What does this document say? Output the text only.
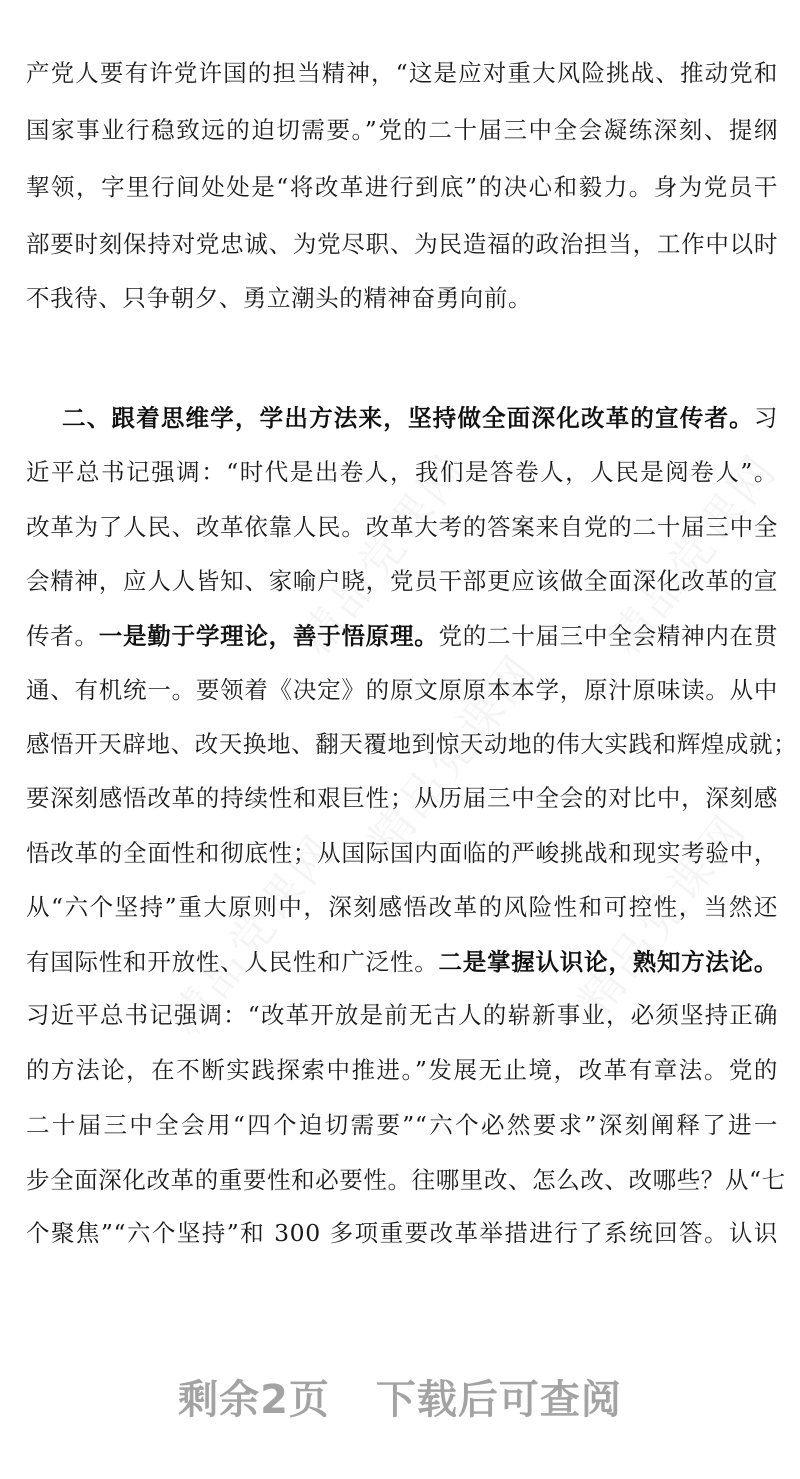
产党人要有许党许国的担当精神，“这是应对重大风险挑战、推动党和
国家事业行稳致远的迫切需要。”党的二十届三中全会凝练深刻、提纲
挈领，字里行间处处是“将改革进行到底”的决心和毅力。身为党员干
部要时刻保持对党忠诚、为党尽职、为民造福的政治担当，工作中以时
不我待、只争朝夕、勇立潮头的精神奋勇向前。
二、跟着思维学，学出方法来，坚持做全面深化改革的宣传者。习
近平总书记强调：“时代是出卷人，我们是答卷人，人民是阅卷人”。
改革为了人民、改革依靠人民。改革大考的答案来自党的二十届三中全
会精神，应人人皆知、家喻户晓，党员干部更应该做全面深化改革的宣
传者。一是勤于学理论，善于悟原理。党的二十届三中全会精神内在贯
通、有机统一。要领着《决定》的原文原原本本学，原汁原味读。从中
感悟开天辟地、改天换地、翻天覆地到惊天动地的伟大实践和辉煌成就；
要深刻感悟改革的持续性和艰巨性；从历届三中全会的对比中，深刻感
悟改革的全面性和彻底性；从国际国内面临的严峻挑战和现实考验中，
从“六个坚持”重大原则中，深刻感悟改革的风险性和可控性，当然还
有国际性和开放性、人民性和广泛性。二是掌握认识论，熟知方法论。
习近平总书记强调：“改革开放是前无古人的崭新事业，必须坚持正确
的方法论，在不断实践探索中推进。”发展无止境，改革有章法。党的
二十届三中全会用“四个迫切需要”“六个必然要求”深刻阐释了进一
步全面深化改革的重要性和必要性。往哪里改、怎么改、改哪些？从“七
个聚焦”“六个坚持”和 300 多项重要改革举措进行了系统回答。认识
剩余2页 下载后可查阅
